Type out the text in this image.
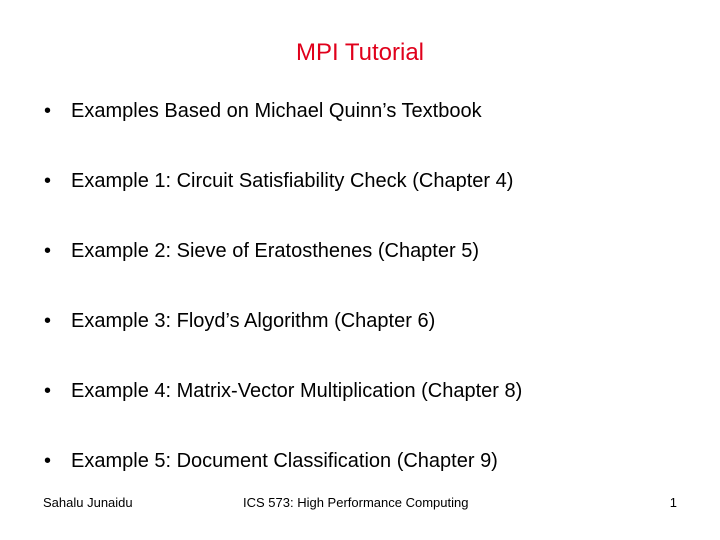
MPI Tutorial
• Examples Based on Michael Quinn’s Textbook
• Example 1: Circuit Satisfiability Check (Chapter 4)
• Example 2: Sieve of Eratosthenes (Chapter 5)
• Example 3: Floyd’s Algorithm (Chapter 6)
• Example 4: Matrix-Vector Multiplication (Chapter 8)
• Example 5: Document Classification (Chapter 9)
Sahalu Junaidu	ICS 573: High Performance Computing	1
